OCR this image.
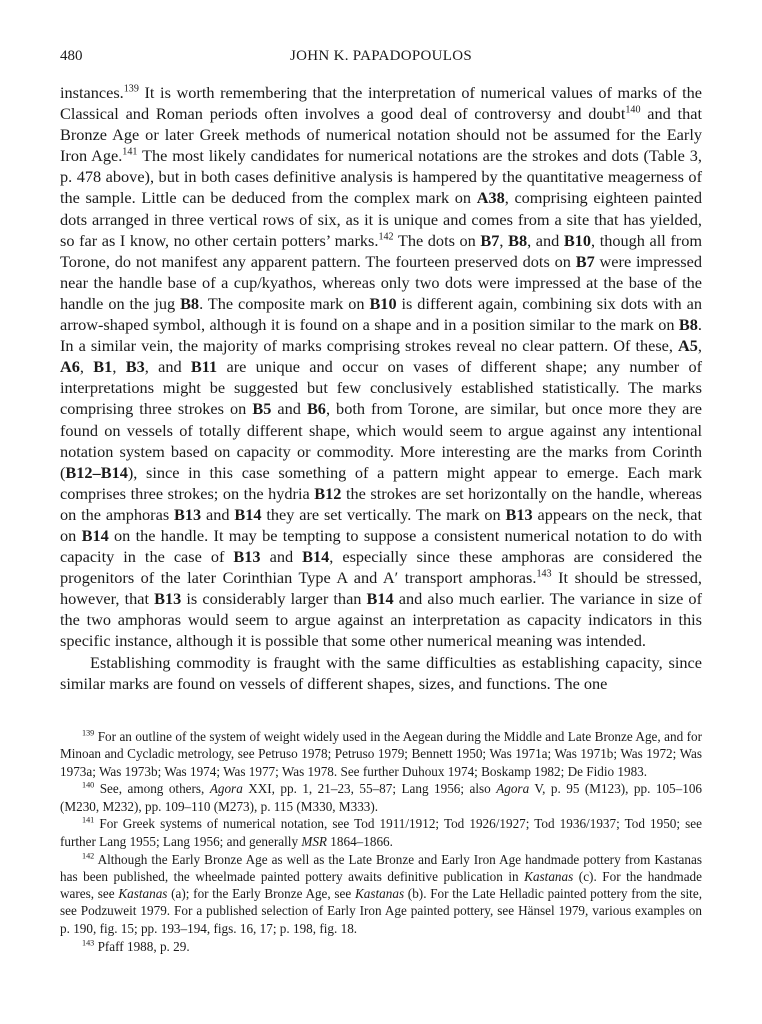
480	JOHN K. PAPADOPOULOS

instances.$^{139}$ It is worth remembering that the interpretation of numerical values of marks of the Classical and Roman periods often involves a good deal of controversy and doubt$^{140}$ and that Bronze Age or later Greek methods of numerical notation should not be assumed for the Early Iron Age.$^{141}$ The most likely candidates for numerical notations are the strokes and dots (Table 3, p. 478 above), but in both cases definitive analysis is hampered by the quantitative meagerness of the sample. Little can be deduced from the complex mark on A38, comprising eighteen painted dots arranged in three vertical rows of six, as it is unique and comes from a site that has yielded, so far as I know, no other certain potters’ marks.$^{142}$ The dots on B7, B8, and B10, though all from Torone, do not manifest any apparent pattern. The fourteen preserved dots on B7 were impressed near the handle base of a cup/kyathos, whereas only two dots were impressed at the base of the handle on the jug B8. The composite mark on B10 is different again, combining six dots with an arrow-shaped symbol, although it is found on a shape and in a position similar to the mark on B8. In a similar vein, the majority of marks comprising strokes reveal no clear pattern. Of these, A5, A6, B1, B3, and B11 are unique and occur on vases of different shape; any number of interpretations might be suggested but few conclusively established statistically. The marks comprising three strokes on B5 and B6, both from Torone, are similar, but once more they are found on vessels of totally different shape, which would seem to argue against any intentional notation system based on capacity or commodity. More interesting are the marks from Corinth (B12–B14), since in this case something of a pattern might appear to emerge. Each mark comprises three strokes; on the hydria B12 the strokes are set horizontally on the handle, whereas on the amphoras B13 and B14 they are set vertically. The mark on B13 appears on the neck, that on B14 on the handle. It may be tempting to suppose a consistent numerical notation to do with capacity in the case of B13 and B14, especially since these amphoras are considered the progenitors of the later Corinthian Type A and A′ transport amphoras.$^{143}$ It should be stressed, however, that B13 is considerably larger than B14 and also much earlier. The variance in size of the two amphoras would seem to argue against an interpretation as capacity indicators in this specific instance, although it is possible that some other numerical meaning was intended.

Establishing commodity is fraught with the same difficulties as establishing capacity, since similar marks are found on vessels of different shapes, sizes, and functions. The one

$^{139}$ For an outline of the system of weight widely used in the Aegean during the Middle and Late Bronze Age, and for Minoan and Cycladic metrology, see Petruso 1978; Petruso 1979; Bennett 1950; Was 1971a; Was 1971b; Was 1972; Was 1973a; Was 1973b; Was 1974; Was 1977; Was 1978. See further Duhoux 1974; Boskamp 1982; De Fidio 1983.

$^{140}$ See, among others, Agora XXI, pp. 1, 21–23, 55–87; Lang 1956; also Agora V, p. 95 (M123), pp. 105–106 (M230, M232), pp. 109–110 (M273), p. 115 (M330, M333).

$^{141}$ For Greek systems of numerical notation, see Tod 1911/1912; Tod 1926/1927; Tod 1936/1937; Tod 1950; see further Lang 1955; Lang 1956; and generally MSR 1864–1866.

$^{142}$ Although the Early Bronze Age as well as the Late Bronze and Early Iron Age handmade pottery from Kastanas has been published, the wheelmade painted pottery awaits definitive publication in Kastanas (c). For the handmade wares, see Kastanas (a); for the Early Bronze Age, see Kastanas (b). For the Late Helladic painted pottery from the site, see Podzuweit 1979. For a published selection of Early Iron Age painted pottery, see Hänsel 1979, various examples on p. 190, fig. 15; pp. 193–194, figs. 16, 17; p. 198, fig. 18.

$^{143}$ Pfaff 1988, p. 29.
